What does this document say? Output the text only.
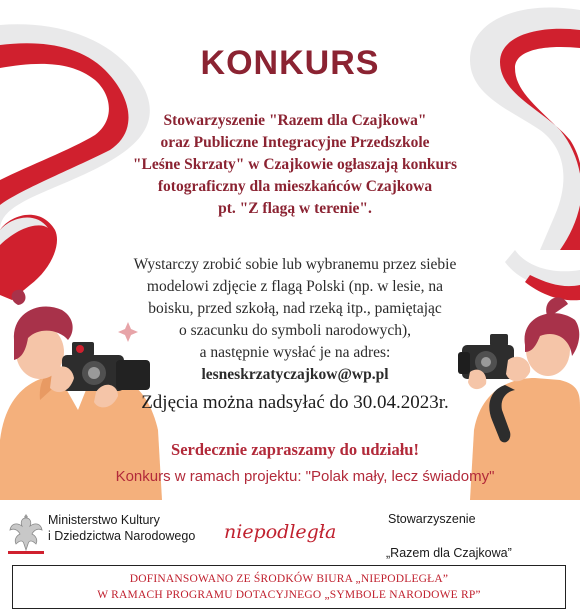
KONKURS
Stowarzyszenie "Razem dla Czajkowa"
oraz Publiczne Integracyjne Przedszkole
"Leśne Skrzaty" w Czajkowie ogłaszają konkurs
fotograficzny dla mieszkańców Czajkowa
pt. "Z flagą w terenie".
Wystarczy zrobić sobie lub wybranemu przez siebie
modelowi zdjęcie z flagą Polski (np. w lesie, na
boisku, przed szkołą, nad rzeką itp., pamiętając
o szacunku do symboli narodowych),
a następnie wysłać je na adres:
lesneskrzatyczajkow@wp.pl
Zdjęcia można nadsyłać do 30.04.2023r.
Serdecznie zapraszamy do udziału!
Konkurs w ramach projektu: "Polak mały, lecz świadomy"
Ministerstwo Kultury
i Dziedzictwa Narodowego niepodległa
Stowarzyszenie
„Razem dla Czajkowa”
DOFINANSOWANO ZE ŚRODKÓW BIURA „NIEPODLEGŁA”
W RAMACH PROGRAMU DOTACYJNEGO „SYMBOLE NARODOWE RP”
